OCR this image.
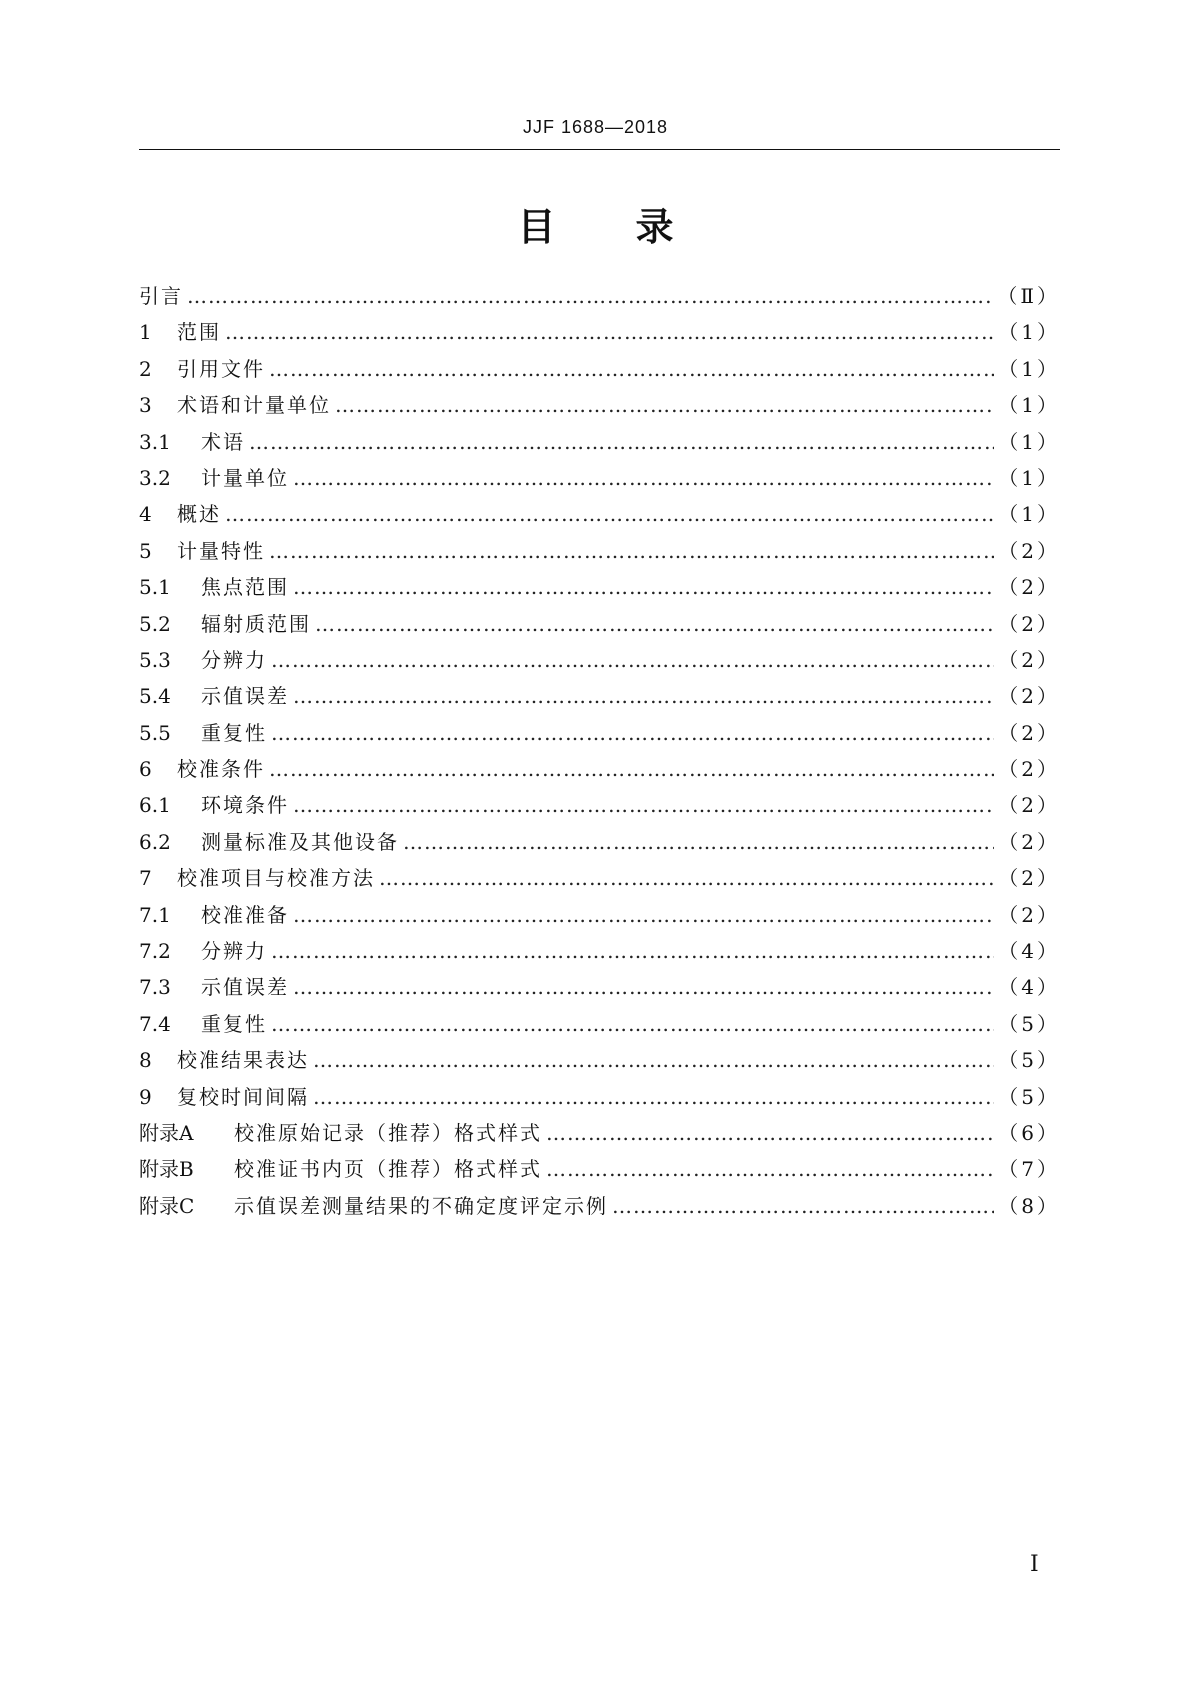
JJF 1688—2018
目 录
引言 ………………………………………………………………………………………………………………………………………………………………………………………………	（Ⅱ）
1	范围 ………………………………………………………………………………………………………………………………………………………………………………………………	（1）
2	引用文件 ………………………………………………………………………………………………………………………………………………………………………………………………	（1）
3	术语和计量单位 ………………………………………………………………………………………………………………………………………………………………………………………………	（1）
3.1	术语 ………………………………………………………………………………………………………………………………………………………………………………………………	（1）
3.2	计量单位 ………………………………………………………………………………………………………………………………………………………………………………………………	（1）
4	概述 ………………………………………………………………………………………………………………………………………………………………………………………………	（1）
5	计量特性 ………………………………………………………………………………………………………………………………………………………………………………………………	（2）
5.1	焦点范围 ………………………………………………………………………………………………………………………………………………………………………………………………	（2）
5.2	辐射质范围 ………………………………………………………………………………………………………………………………………………………………………………………………	（2）
5.3	分辨力 ………………………………………………………………………………………………………………………………………………………………………………………………	（2）
5.4	示值误差 ………………………………………………………………………………………………………………………………………………………………………………………………	（2）
5.5	重复性 ………………………………………………………………………………………………………………………………………………………………………………………………	（2）
6	校准条件 ………………………………………………………………………………………………………………………………………………………………………………………………	（2）
6.1	环境条件 ………………………………………………………………………………………………………………………………………………………………………………………………	（2）
6.2	测量标准及其他设备 ………………………………………………………………………………………………………………………………………………………………………………………………	（2）
7	校准项目与校准方法 ………………………………………………………………………………………………………………………………………………………………………………………………	（2）
7.1	校准准备 ………………………………………………………………………………………………………………………………………………………………………………………………	（2）
7.2	分辨力 ………………………………………………………………………………………………………………………………………………………………………………………………	（4）
7.3	示值误差 ………………………………………………………………………………………………………………………………………………………………………………………………	（4）
7.4	重复性 ………………………………………………………………………………………………………………………………………………………………………………………………	（5）
8	校准结果表达 ………………………………………………………………………………………………………………………………………………………………………………………………	（5）
9	复校时间间隔 ………………………………………………………………………………………………………………………………………………………………………………………………	（5）
附录A	校准原始记录（推荐）格式样式 ………………………………………………………………………………………………………………………………………………………………………………………………	（6）
附录B	校准证书内页（推荐）格式样式 ………………………………………………………………………………………………………………………………………………………………………………………………	（7）
附录C	示值误差测量结果的不确定度评定示例 ………………………………………………………………………………………………………………………………………………………………………………………………	（8）
Ⅰ
